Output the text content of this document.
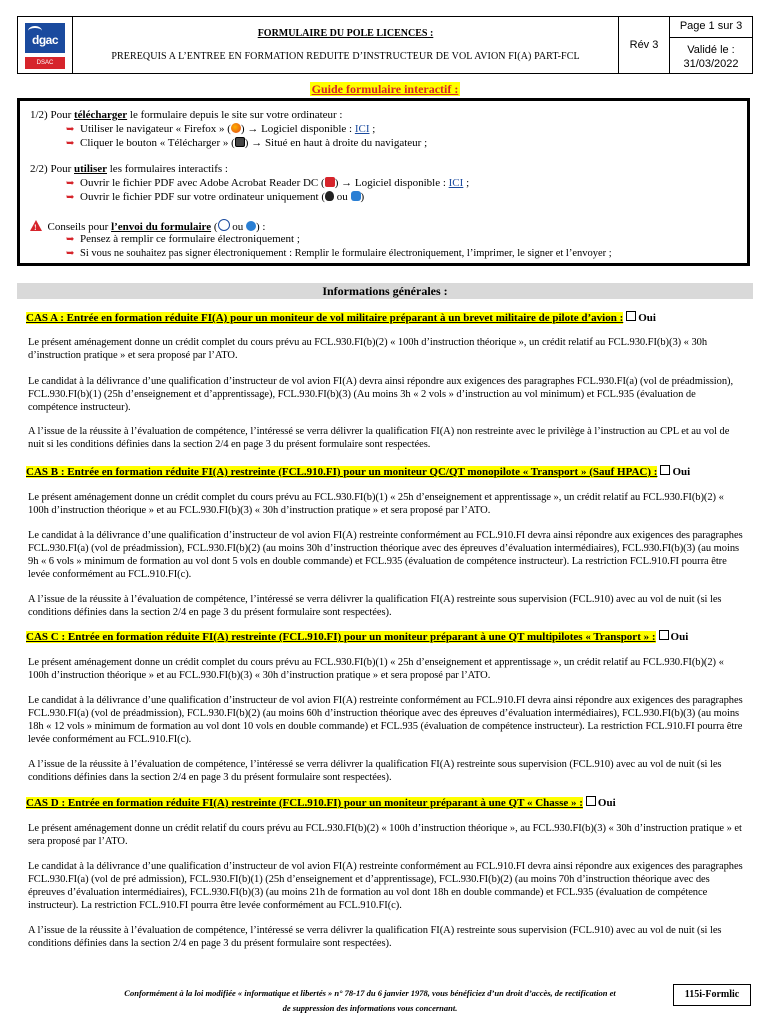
dgac
DSAC
FORMULAIRE DU POLE LICENCES :
PREREQUIS A L’ENTREE EN FORMATION REDUITE D’INSTRUCTEUR DE VOL AVION FI(A) PART-FCL
Rév 3
Page 1 sur 3
Validé le :
31/03/2022
Guide formulaire interactif :
1/2) Pour télécharger le formulaire depuis le site sur votre ordinateur :
➥ Utiliser le navigateur « Firefox » ( ) → Logiciel disponible : ICI ;
➥ Cliquer le bouton « Télécharger » ( ) → Situé en haut à droite du navigateur ;
2/2) Pour utiliser les formulaires interactifs :
➥ Ouvrir le fichier PDF avec Adobe Acrobat Reader DC ( ) → Logiciel disponible : ICI ;
➥ Ouvrir le fichier PDF sur votre ordinateur uniquement ( ou )
!  Conseils pour l’envoi du formulaire ( ou ) :
➥ Pensez à remplir ce formulaire électroniquement ;
➥ Si vous ne souhaitez pas signer électroniquement : Remplir le formulaire électroniquement, l’imprimer, le signer et l’envoyer ;
Informations générales :
CAS A : Entrée en formation réduite FI(A) pour un moniteur de vol militaire préparant à un brevet militaire de pilote d’avion : Oui

Le présent aménagement donne un crédit complet du cours prévu au FCL.930.FI(b)(2) « 100h d’instruction théorique », un crédit relatif au FCL.930.FI(b)(3) « 30h d’instruction pratique » et sera proposé par l’ATO.

Le candidat à la délivrance d’une qualification d’instructeur de vol avion FI(A) devra ainsi répondre aux exigences des paragraphes FCL.930.FI(a) (vol de préadmission), FCL.930.FI(b)(1) (25h d’enseignement et d’apprentissage), FCL.930.FI(b)(3) (Au moins 3h « 2 vols » d’instruction au vol minimum) et FCL.935 (évaluation de compétence instructeur).

A l’issue de la réussite à l’évaluation de compétence, l’intéressé se verra délivrer la qualification FI(A) non restreinte avec le privilège à l’instruction au CPL et au vol de nuit si les conditions définies dans la section 2/4 en page 3 du présent formulaire sont respectées.

CAS B : Entrée en formation réduite FI(A) restreinte (FCL.910.FI) pour un moniteur QC/QT monopilote « Transport » (Sauf HPAC) : Oui

Le présent aménagement donne un crédit complet du cours prévu au FCL.930.FI(b)(1) « 25h d’enseignement et apprentissage », un crédit relatif au FCL.930.FI(b)(2) « 100h d’instruction théorique » et au FCL.930.FI(b)(3) « 30h d’instruction pratique » et sera proposé par l’ATO.

Le candidat à la délivrance d’une qualification d’instructeur de vol avion FI(A) restreinte conformément au FCL.910.FI devra ainsi répondre aux exigences des paragraphes FCL.930.FI(a) (vol de préadmission), FCL.930.FI(b)(2) (au moins 30h d’instruction théorique avec des épreuves d’évaluation intermédiaires), FCL.930.FI(b)(3) (au moins 9h « 6 vols » minimum de formation au vol dont 5 vols en double commande) et FCL.935 (évaluation de compétence instructeur). La restriction FCL.910.FI pourra être levée conformément au FCL.910.FI(c).

A l’issue de la réussite à l’évaluation de compétence, l’intéressé se verra délivrer la qualification FI(A) restreinte sous supervision (FCL.910) avec au vol de nuit (si les conditions définies dans la section 2/4 en page 3 du présent formulaire sont respectées).

CAS C : Entrée en formation réduite FI(A) restreinte (FCL.910.FI) pour un moniteur préparant à une QT multipilotes « Transport » : Oui

Le présent aménagement donne un crédit complet du cours prévu au FCL.930.FI(b)(1) « 25h d’enseignement et apprentissage », un crédit relatif au FCL.930.FI(b)(2) « 100h d’instruction théorique » et au FCL.930.FI(b)(3) « 30h d’instruction pratique » et sera proposé par l’ATO.

Le candidat à la délivrance d’une qualification d’instructeur de vol avion FI(A) restreinte conformément au FCL.910.FI devra ainsi répondre aux exigences des paragraphes FCL.930.FI(a) (vol de préadmission), FCL.930.FI(b)(2) (au moins 60h d’instruction théorique avec des épreuves d’évaluation intermédiaires), FCL.930.FI(b)(3) (au moins 18h « 12 vols » minimum de formation au vol dont 10 vols en double commande) et FCL.935 (évaluation de compétence instructeur). La restriction FCL.910.FI pourra être levée conformément au FCL.910.FI(c).

A l’issue de la réussite à l’évaluation de compétence, l’intéressé se verra délivrer la qualification FI(A) restreinte sous supervision (FCL.910) avec au vol de nuit (si les conditions définies dans la section 2/4 en page 3 du présent formulaire sont respectées).

CAS D : Entrée en formation réduite FI(A) restreinte (FCL.910.FI) pour un moniteur préparant à une QT « Chasse » : Oui

Le présent aménagement donne un crédit relatif du cours prévu au FCL.930.FI(b)(2) « 100h d’instruction théorique », au FCL.930.FI(b)(3) « 30h d’instruction pratique » et sera proposé par l’ATO.

Le candidat à la délivrance d’une qualification d’instructeur de vol avion FI(A) restreinte conformément au FCL.910.FI devra ainsi répondre aux exigences des paragraphes FCL.930.FI(a) (vol de pré admission), FCL.930.FI(b)(1) (25h d’enseignement et d’apprentissage), FCL.930.FI(b)(2) (au moins 70h d’instruction théorique avec des épreuves d’évaluation intermédiaires), FCL.930.FI(b)(3) (au moins 21h de formation au vol dont 18h en double commande) et FCL.935 (évaluation de compétence instructeur). La restriction FCL.910.FI pourra être levée conformément au FCL.910.FI(c).

A l’issue de la réussite à l’évaluation de compétence, l’intéressé se verra délivrer la qualification FI(A) restreinte sous supervision (FCL.910) avec au vol de nuit (si les conditions définies dans la section 2/4 en page 3 du présent formulaire sont respectées).

Conformément à la loi modifiée « informatique et libertés » n° 78-17 du 6 janvier 1978, vous bénéficiez d’un droit d’accès, de rectification et
de suppression des informations vous concernant.
115i-Formlic
